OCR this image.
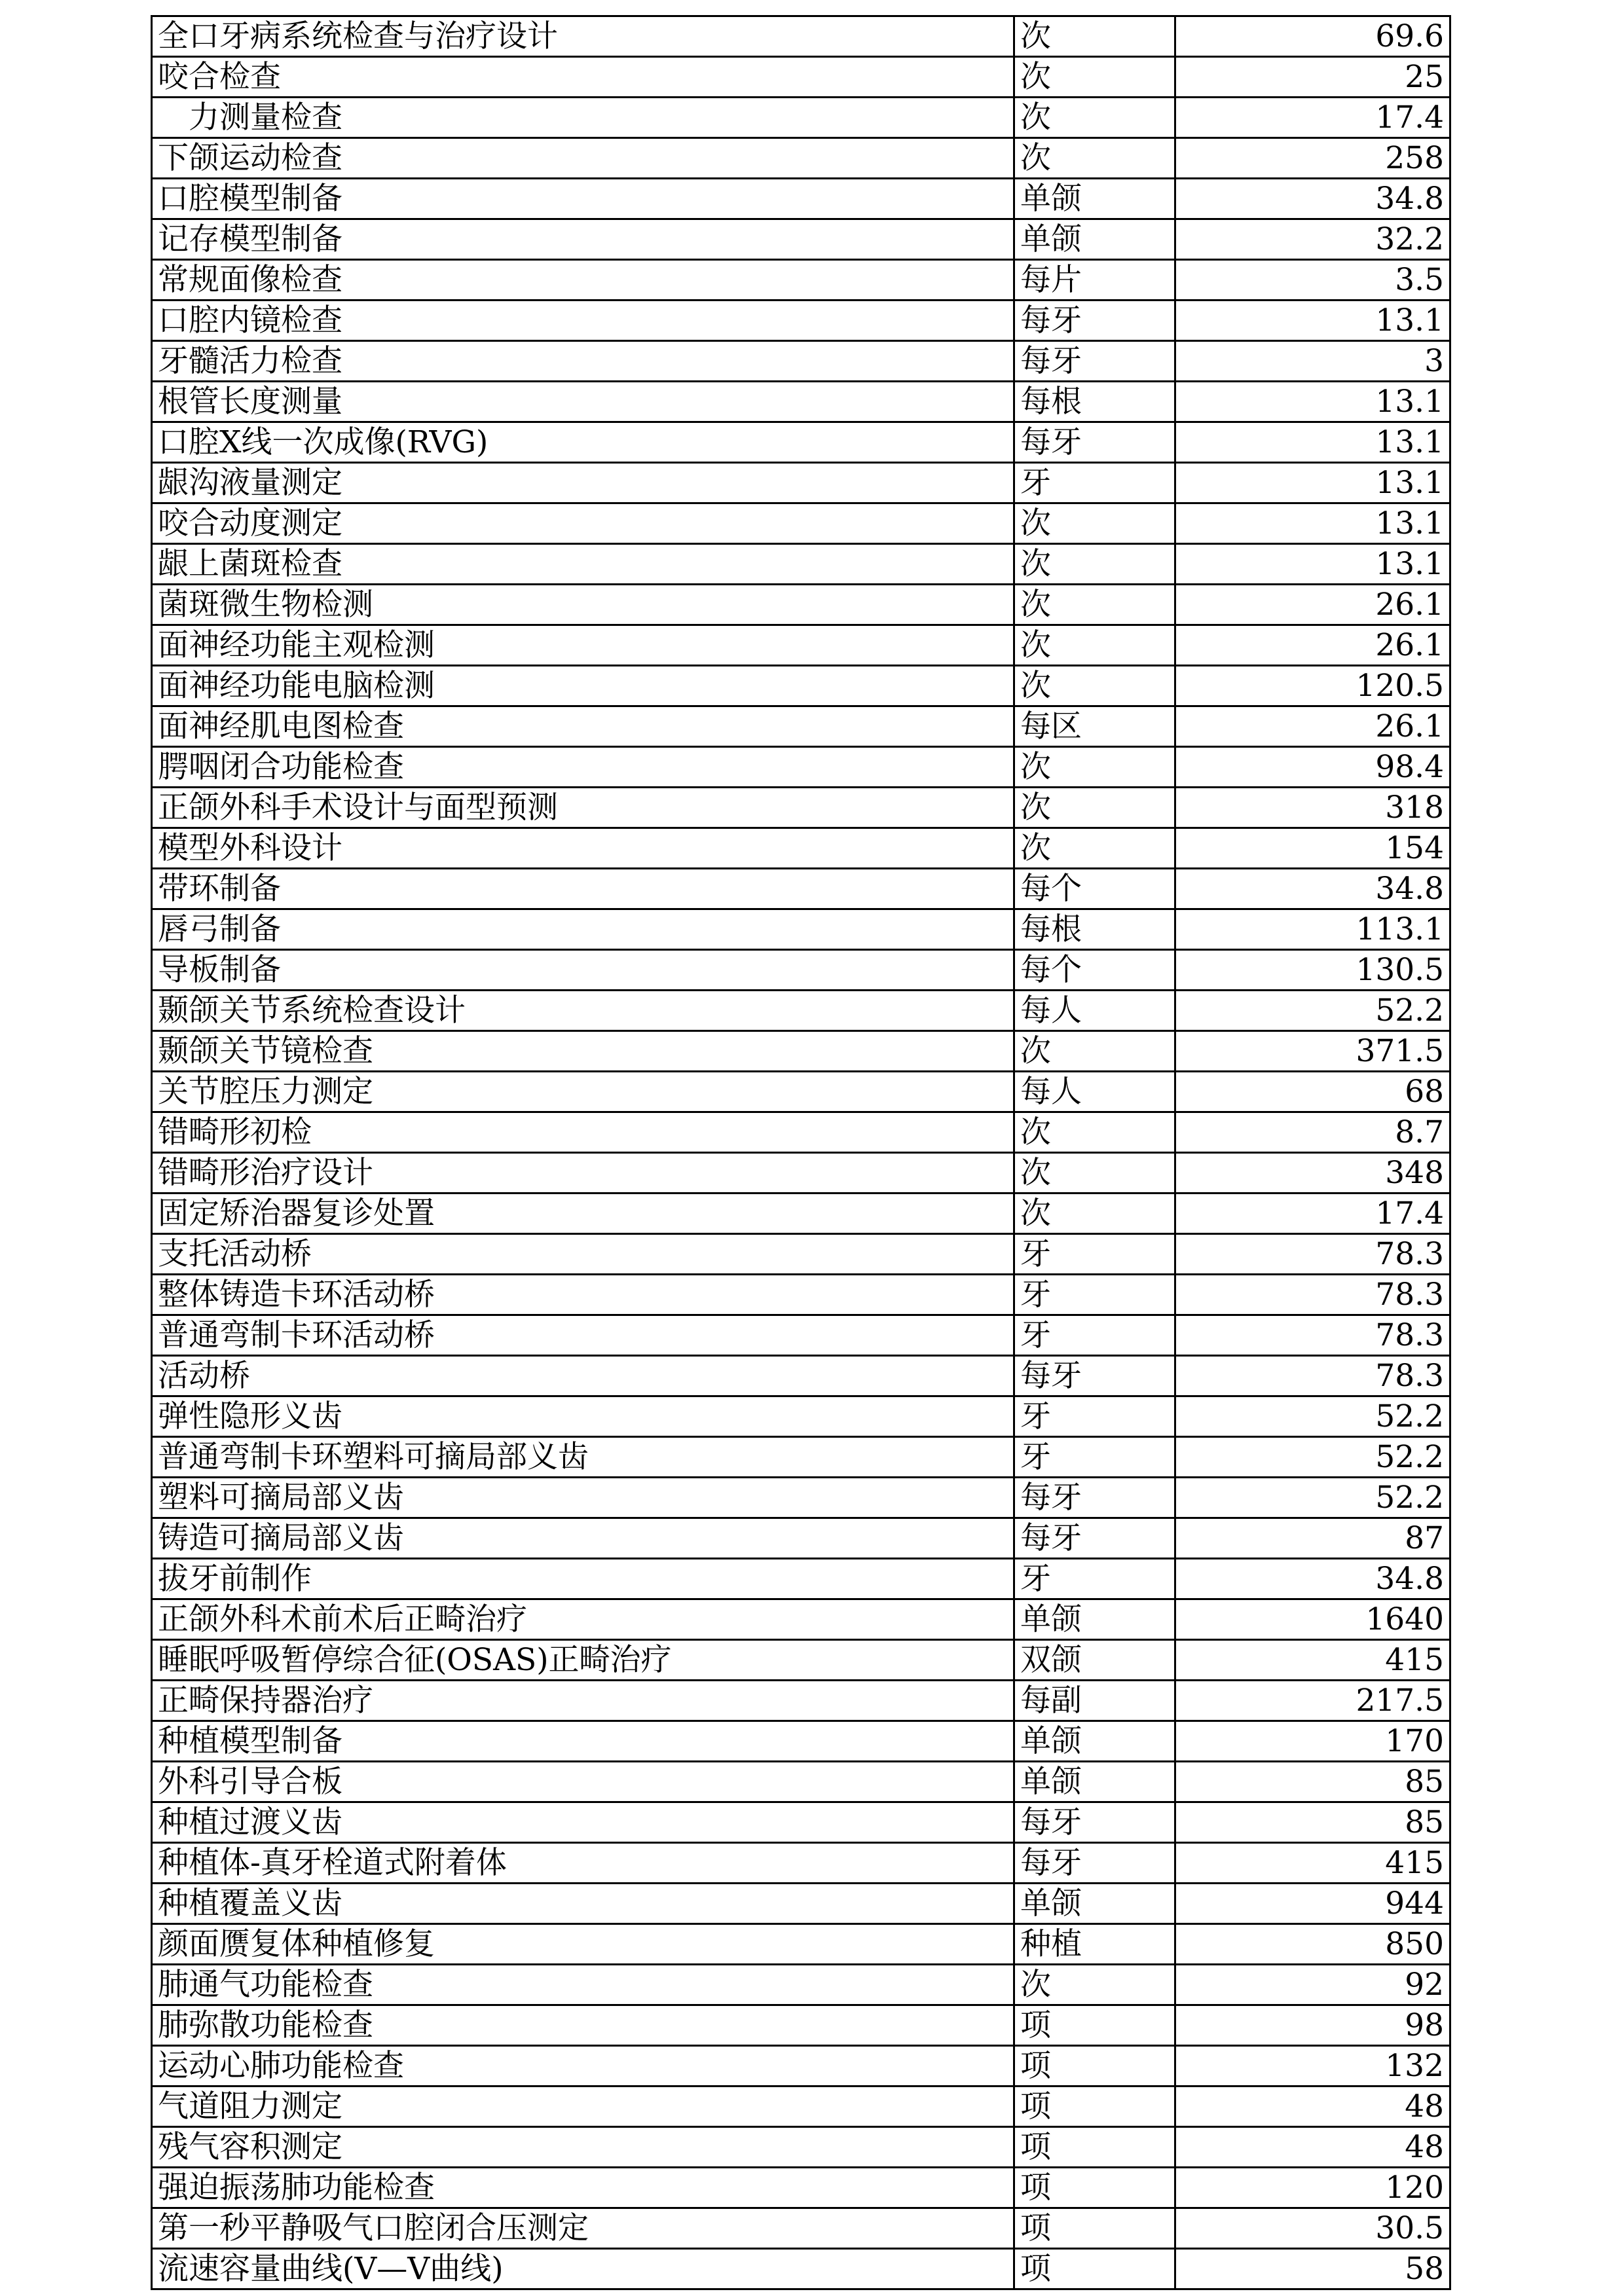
全口牙病系统检查与治疗设计	次	69.6
咬合检查	次	25
　力测量检查	次	17.4
下颌运动检查	次	258
口腔模型制备	单颌	34.8
记存模型制备	单颌	32.2
常规面像检查	每片	3.5
口腔内镜检查	每牙	13.1
牙髓活力检查	每牙	3
根管长度测量	每根	13.1
口腔X线一次成像(RVG)	每牙	13.1
龈沟液量测定	牙	13.1
咬合动度测定	次	13.1
龈上菌斑检查	次	13.1
菌斑微生物检测	次	26.1
面神经功能主观检测	次	26.1
面神经功能电脑检测	次	120.5
面神经肌电图检查	每区	26.1
腭咽闭合功能检查	次	98.4
正颌外科手术设计与面型预测	次	318
模型外科设计	次	154
带环制备	每个	34.8
唇弓制备	每根	113.1
导板制备	每个	130.5
颞颌关节系统检查设计	每人	52.2
颞颌关节镜检查	次	371.5
关节腔压力测定	每人	68
错畸形初检	次	8.7
错畸形治疗设计	次	348
固定矫治器复诊处置	次	17.4
支托活动桥	牙	78.3
整体铸造卡环活动桥	牙	78.3
普通弯制卡环活动桥	牙	78.3
活动桥	每牙	78.3
弹性隐形义齿	牙	52.2
普通弯制卡环塑料可摘局部义齿	牙	52.2
塑料可摘局部义齿	每牙	52.2
铸造可摘局部义齿	每牙	87
拔牙前制作	牙	34.8
正颌外科术前术后正畸治疗	单颌	1640
睡眠呼吸暂停综合征(OSAS)正畸治疗	双颌	415
正畸保持器治疗	每副	217.5
种植模型制备	单颌	170
外科引导合板	单颌	85
种植过渡义齿	每牙	85
种植体-真牙栓道式附着体	每牙	415
种植覆盖义齿	单颌	944
颜面赝复体种植修复	种植	850
肺通气功能检查	次	92
肺弥散功能检查	项	98
运动心肺功能检查	项	132
气道阻力测定	项	48
残气容积测定	项	48
强迫振荡肺功能检查	项	120
第一秒平静吸气口腔闭合压测定	项	30.5
流速容量曲线(V—V曲线)	项	58
